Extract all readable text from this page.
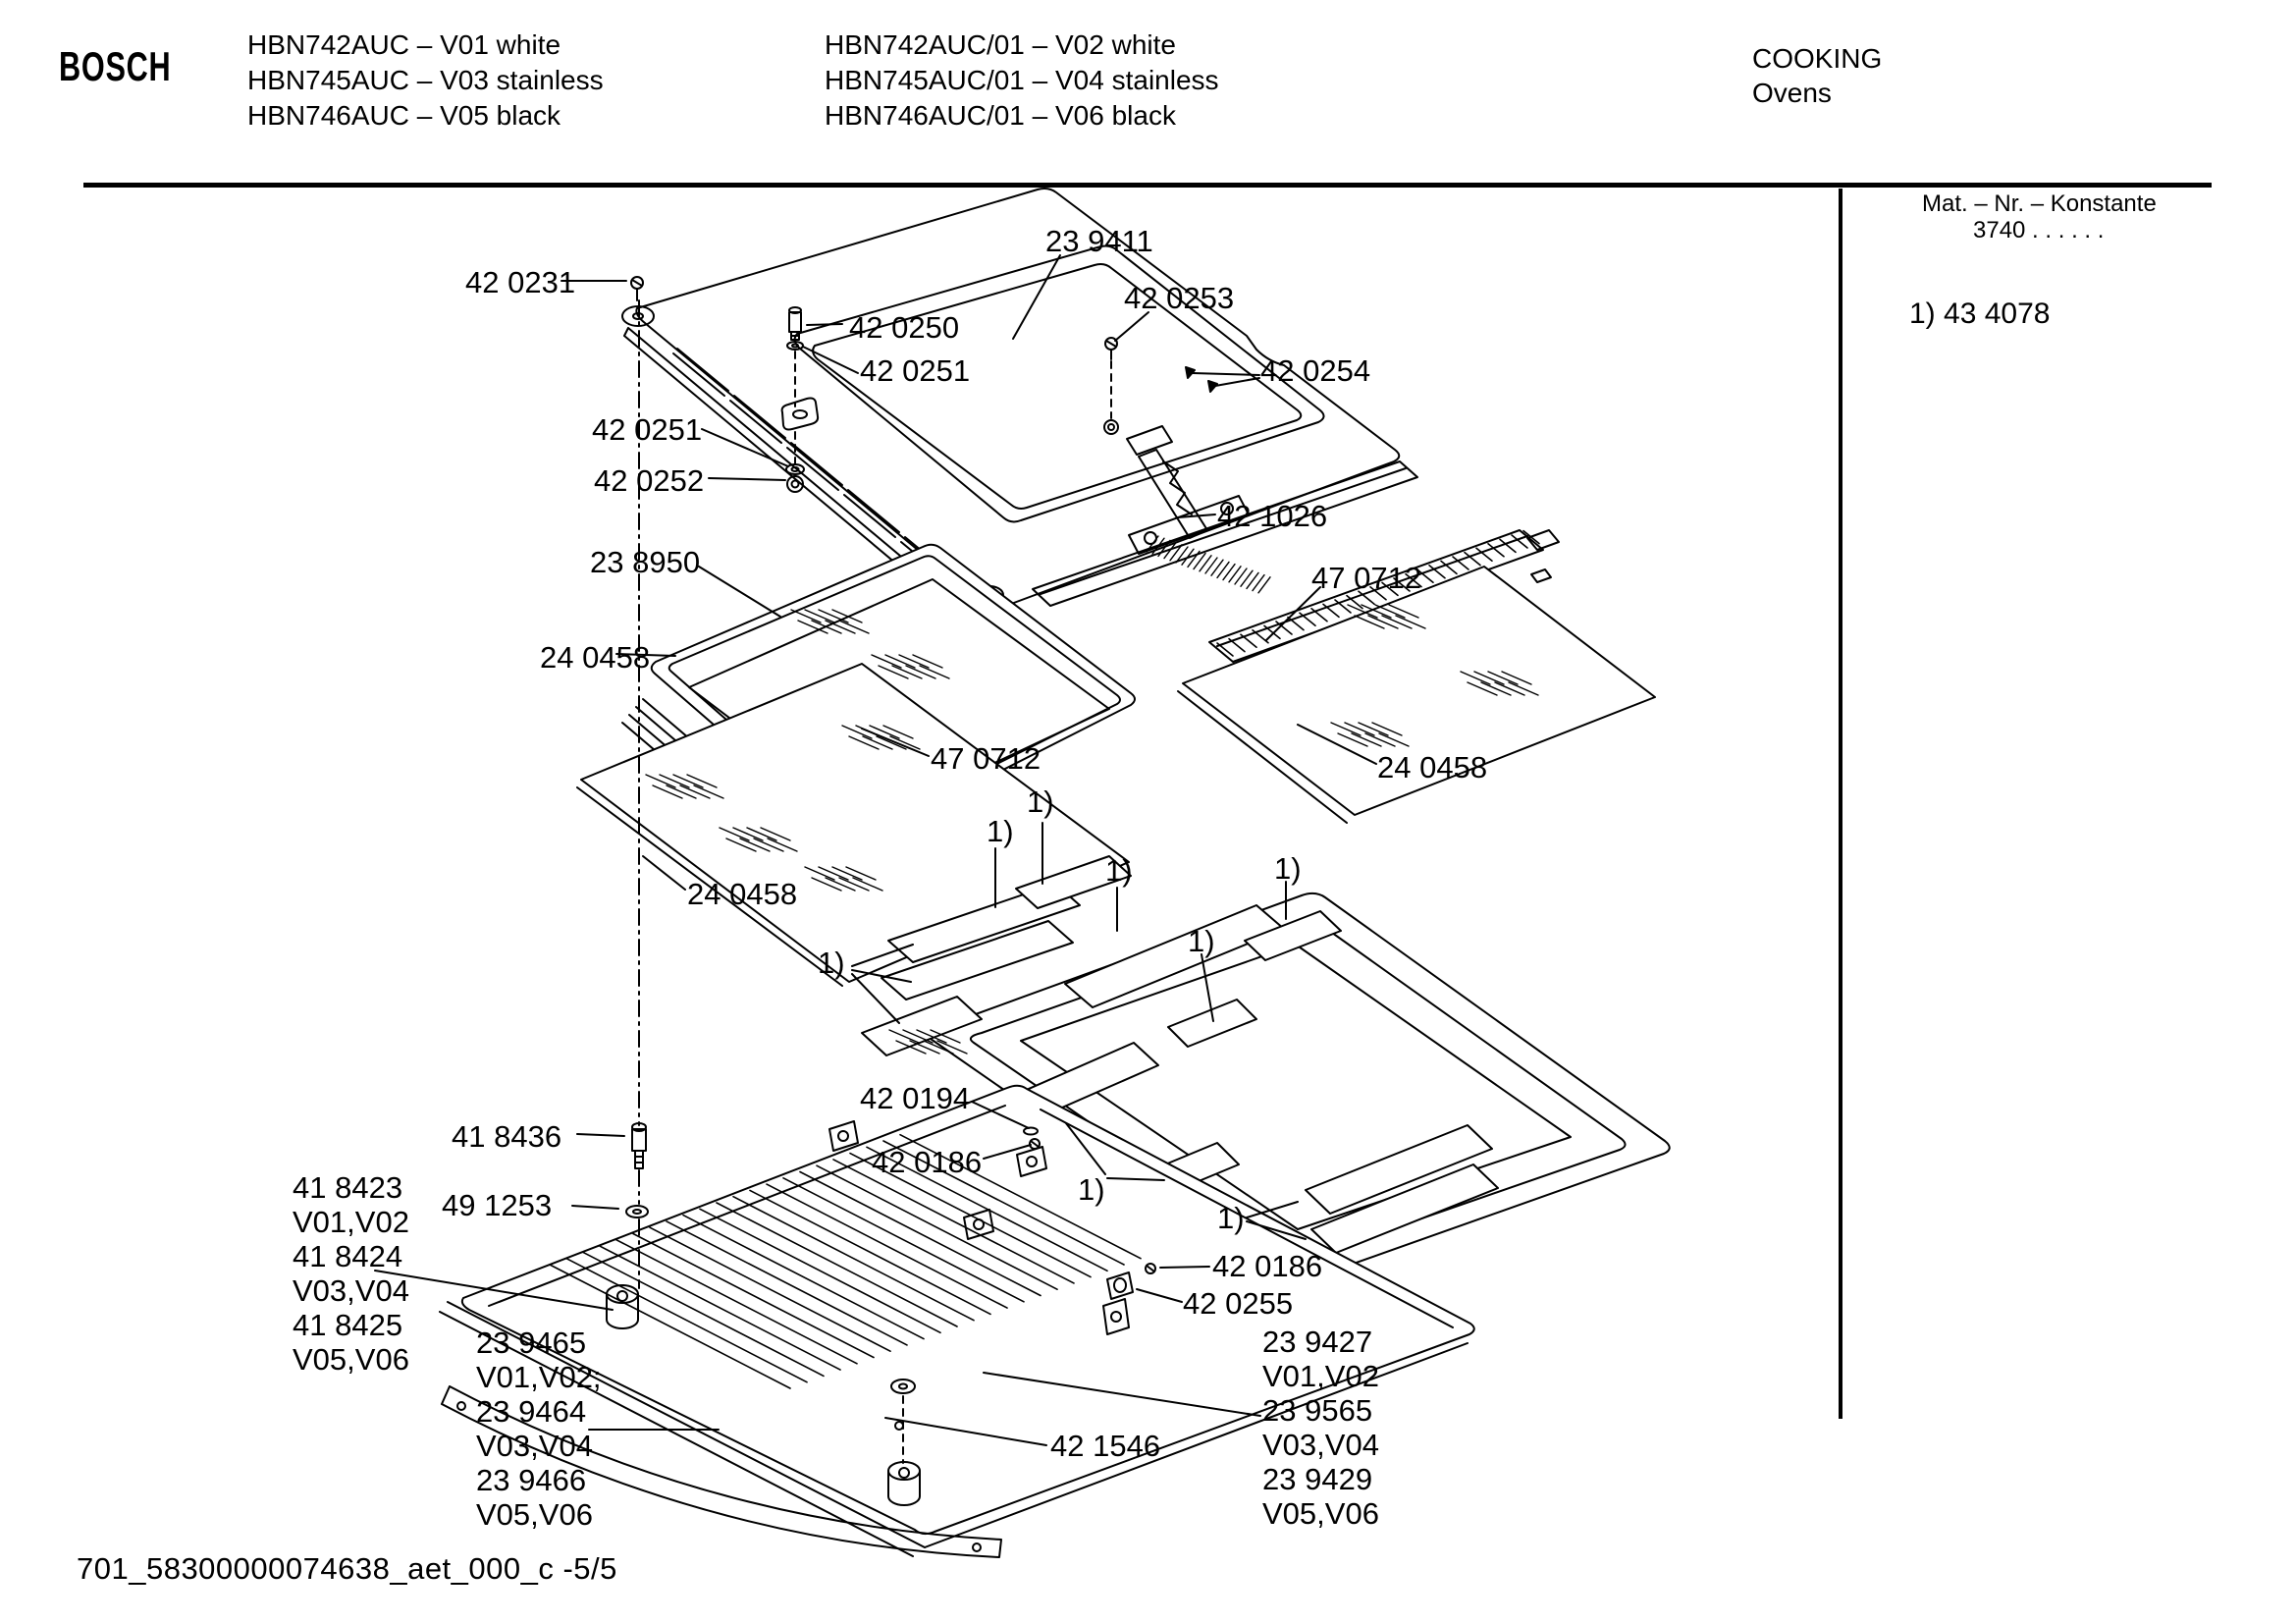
BOSCH	HBN742AUC – V01 white
HBN745AUC – V03 stainless
HBN746AUC – V05 black
HBN742AUC/01 – V02 white
HBN745AUC/01 – V04 stainless
HBN746AUC/01 – V06 black
COOKING
Ovens
Mat. – Nr. – Konstante
3740 . . . . . .
1) 43 4078
42 0231
23 9411
42 0250
42 0251
42 0253
42 0254
42 0251
42 0252
23 8950
24 0458
42 1026
47 0712
24 0458
47 0712
24 0458
1)
1)
1)	1)
1)
1)
42 0194
42 0186
1)
1)
41 8436
49 1253
42 0186
42 0255
42 1546
41 8423
V01,V02
41 8424
V03,V04
41 8425
V05,V06 23 9465
V01,V02;
23 9464
V03,V04
23 9466
V05,V06
23 9427
V01,V02
23 9565
V03,V04
23 9429
V05,V06
701_58300000074638_aet_000_c -5/5
